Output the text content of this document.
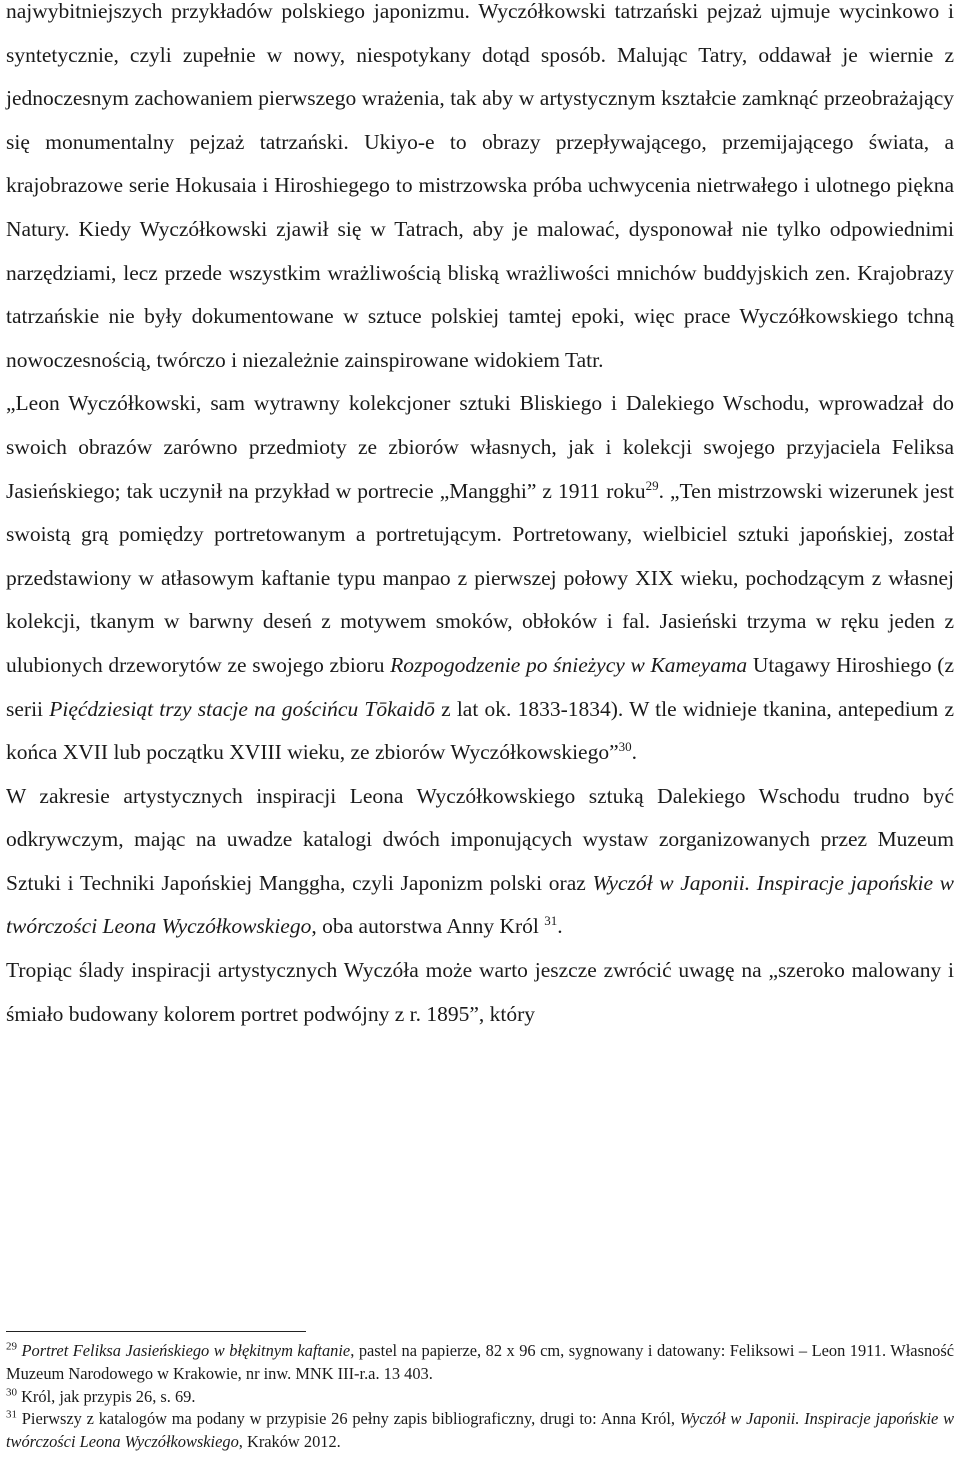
najwybitniejszych przykładów polskiego japonizmu. Wyczółkowski tatrzański pejzaż ujmuje wycinkowo i syntetycznie, czyli zupełnie w nowy, niespotykany dotąd sposób. Malując Tatry, oddawał je wiernie z jednoczesnym zachowaniem pierwszego wrażenia, tak aby w artystycznym kształcie zamknąć przeobrażający się monumentalny pejzaż tatrzański. Ukiyo-e to obrazy przepływającego, przemijającego świata, a krajobrazowe serie Hokusaia i Hiroshiegego to mistrzowska próba uchwycenia nietrwałego i ulotnego piękna Natury. Kiedy Wyczółkowski zjawił się w Tatrach, aby je malować, dysponował nie tylko odpowiednimi narzędziami, lecz przede wszystkim wrażliwością bliską wrażliwości mnichów buddyjskich zen. Krajobrazy tatrzańskie nie były dokumentowane w sztuce polskiej tamtej epoki, więc prace Wyczółkowskiego tchną nowoczesnością, twórczo i niezależnie zainspirowane widokiem Tatr.

„Leon Wyczółkowski, sam wytrawny kolekcjoner sztuki Bliskiego i Dalekiego Wschodu, wprowadzał do swoich obrazów zarówno przedmioty ze zbiorów własnych, jak i kolekcji swojego przyjaciela Feliksa Jasieńskiego; tak uczynił na przykład w portrecie „Mangghi” z 1911 roku$^{29}$. „Ten mistrzowski wizerunek jest swoistą grą pomiędzy portretowanym a portretującym. Portretowany, wielbiciel sztuki japońskiej, został przedstawiony w atłasowym kaftanie typu manpao z pierwszej połowy XIX wieku, pochodzącym z własnej kolekcji, tkanym w barwny deseń z motywem smoków, obłoków i fal. Jasieński trzyma w ręku jeden z ulubionych drzeworytów ze swojego zbioru Rozpogodzenie po śnieżycy w Kameyama Utagawy Hiroshiego (z serii Pięćdziesiąt trzy stacje na gościńcu Tōkaidō z lat ok. 1833-1834). W tle widnieje tkanina, antepedium z końca XVII lub początku XVIII wieku, ze zbiorów Wyczółkowskiego”$^{30}$.

W zakresie artystycznych inspiracji Leona Wyczółkowskiego sztuką Dalekiego Wschodu trudno być odkrywczym, mając na uwadze katalogi dwóch imponujących wystaw zorganizowanych przez Muzeum Sztuki i Techniki Japońskiej Manggha, czyli Japonizm polski oraz Wyczół w Japonii. Inspiracje japońskie w twórczości Leona Wyczółkowskiego, oba autorstwa Anny Król $^{31}$.

Tropiąc ślady inspiracji artystycznych Wyczóła może warto jeszcze zwrócić uwagę na „szeroko malowany i śmiało budowany kolorem portret podwójny z r. 1895”, który

$^{29}$ Portret Feliksa Jasieńskiego w błękitnym kaftanie, pastel na papierze, 82 x 96 cm, sygnowany i datowany: Feliksowi – Leon 1911. Własność Muzeum Narodowego w Krakowie, nr inw. MNK III-r.a. 13 403.

$^{30}$ Król, jak przypis 26, s. 69.

$^{31}$ Pierwszy z katalogów ma podany w przypisie 26 pełny zapis bibliograficzny, drugi to: Anna Król, Wyczół w Japonii. Inspiracje japońskie w twórczości Leona Wyczółkowskiego, Kraków 2012.
